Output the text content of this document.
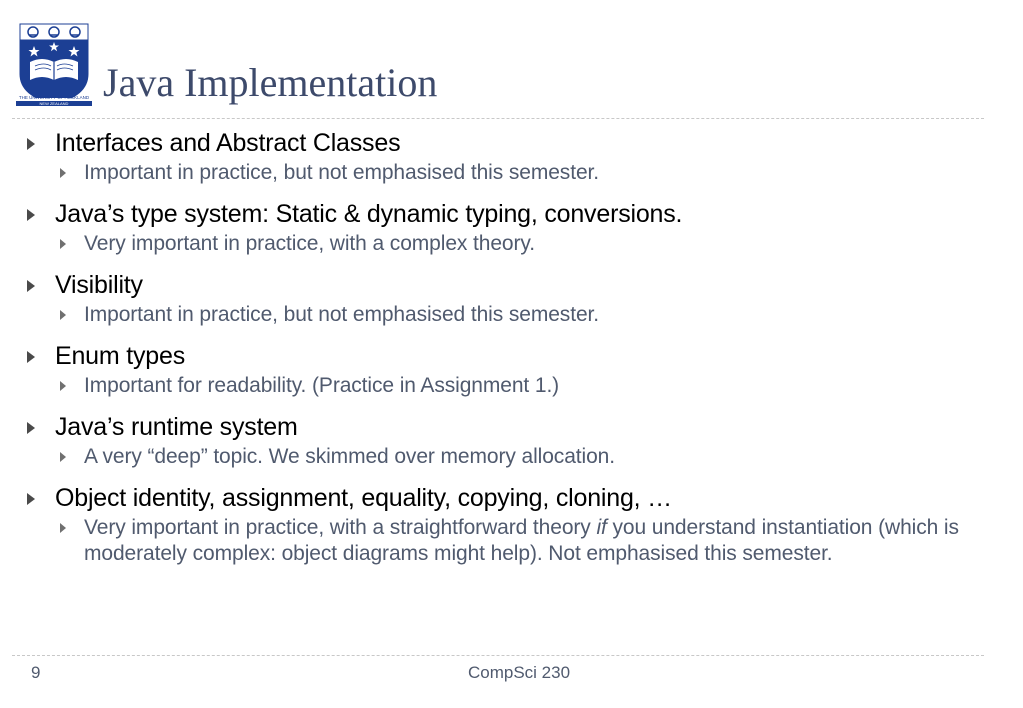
THE UNIVERSITY OF AUCKLAND
NEW ZEALAND Java Implementation
Interfaces and Abstract Classes
Important in practice, but not emphasised this semester.
Java’s type system: Static & dynamic typing, conversions.
Very important in practice, with a complex theory.
Visibility
Important in practice, but not emphasised this semester.
Enum types
Important for readability. (Practice in Assignment 1.)
Java’s runtime system
A very “deep” topic. We skimmed over memory allocation.
Object identity, assignment, equality, copying, cloning, …
Very important in practice, with a straightforward theory if you understand instantiation (which is moderately complex: object diagrams might help). Not emphasised this semester.
9	CompSci 230
